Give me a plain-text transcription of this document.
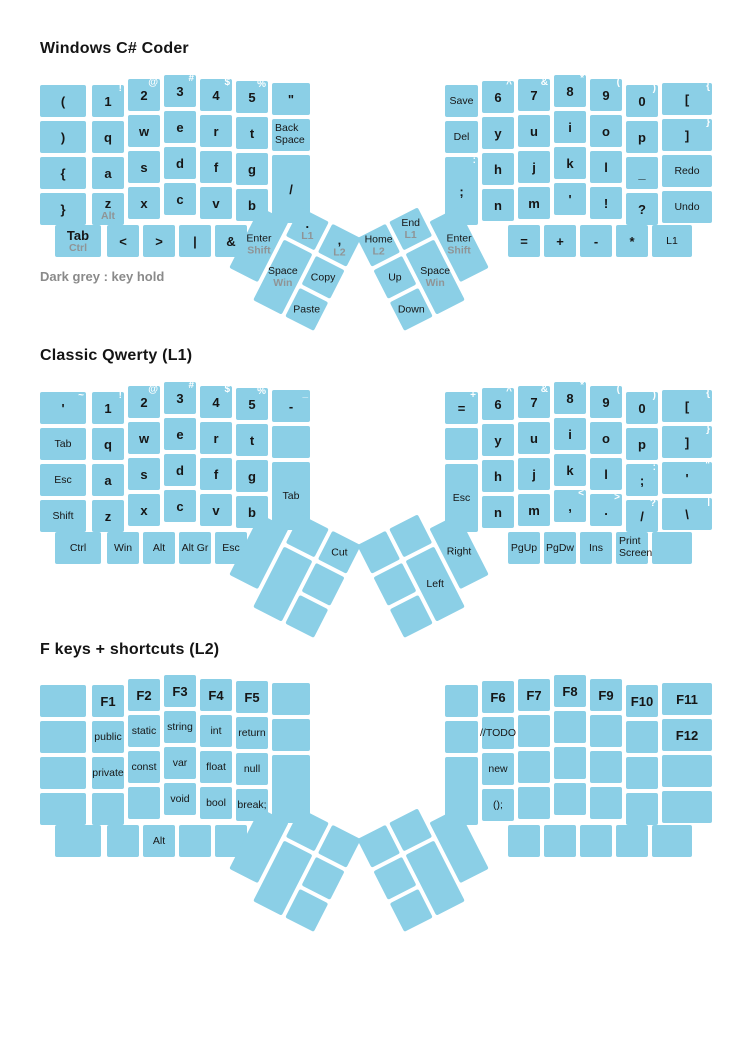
Windows C# Coder
Dark grey : key hold
Classic Qwerty (L1)
F keys + shortcuts (L2)
(
)
{
}
Tab
Ctrl
!
1
q
a
z
Alt
<
@
2
w
s
x
>
#
3
e
d
c
|
$
4
r
f
v
&
%
5
t
g
b
"
Back Space
/
Save
Del
:
;
^
6
y
h
n
&
7
u
j
m
=
*
8
i
k
'
+
(
9
o
l
!
-
)
0
p
_
?
*
{
[
}
]
Redo
Undo
L1
Enter
Shift
.
L1
Space
Win
,
L2
Copy
Paste
Home
L2
Up
Down
End
L1
Space
Win
Enter
Shift
~
'
Tab
Esc
Shift
Ctrl
!
1
q
a
z
Win
@
2
w
s
x
Alt
#
3
e
d
c
Alt Gr
$
4
r
f
v
Esc
%
5
t
g
b
_
-
Tab
+
=
Esc
^
6
y
h
n
&
7
u
j
m
PgUp
*
8
i
k
<
,
PgDw
(
9
o
l
>
.
Ins
)
0
p
:
;
?
/
Print Screen
{
[
}
]
"
'
|
\
Cut
Left
Right
F1
public
private
F2
static
const
Alt
F3
string
var
void
F4
int
float
bool
F5
return
null
break;
F6
//TODO
new
();
F7 F8 F9 F10 F11
F12
